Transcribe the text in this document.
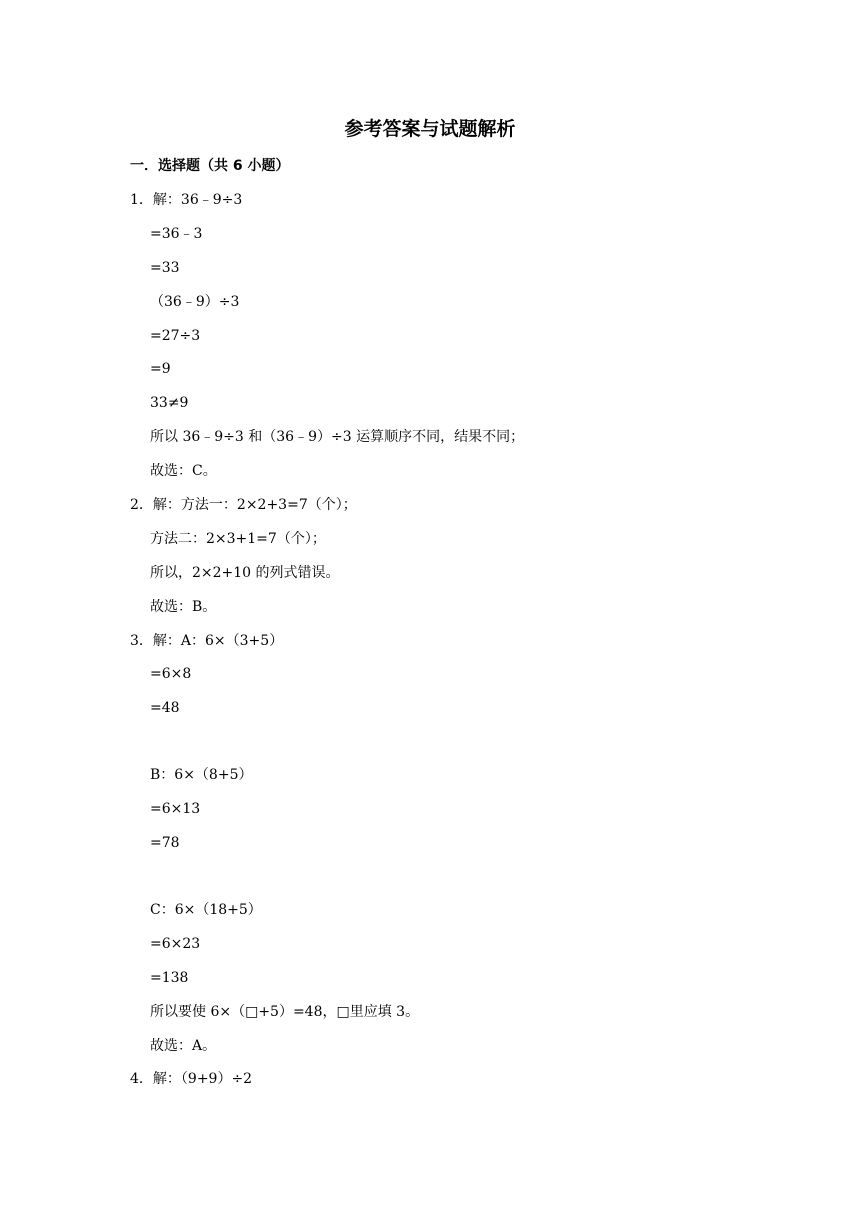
参考答案与试题解析
一．选择题（共 6 小题）
1．解：36﹣9÷3
=36﹣3
=33
（36﹣9）÷3
=27÷3
=9
33≠9
所以 36﹣9÷3 和（36﹣9）÷3 运算顺序不同，结果不同；
故选：C。
2．解：方法一：2×2+3=7（个）；
方法二：2×3+1=7（个）；
所以，2×2+10 的列式错误。
故选：B。
3．解：A：6×（3+5）
=6×8
=48
B：6×（8+5）
=6×13
=78
C：6×（18+5）
=6×23
=138
所以要使 6×（□+5）=48，□里应填 3。
故选：A。
4．解：（9+9）÷2
